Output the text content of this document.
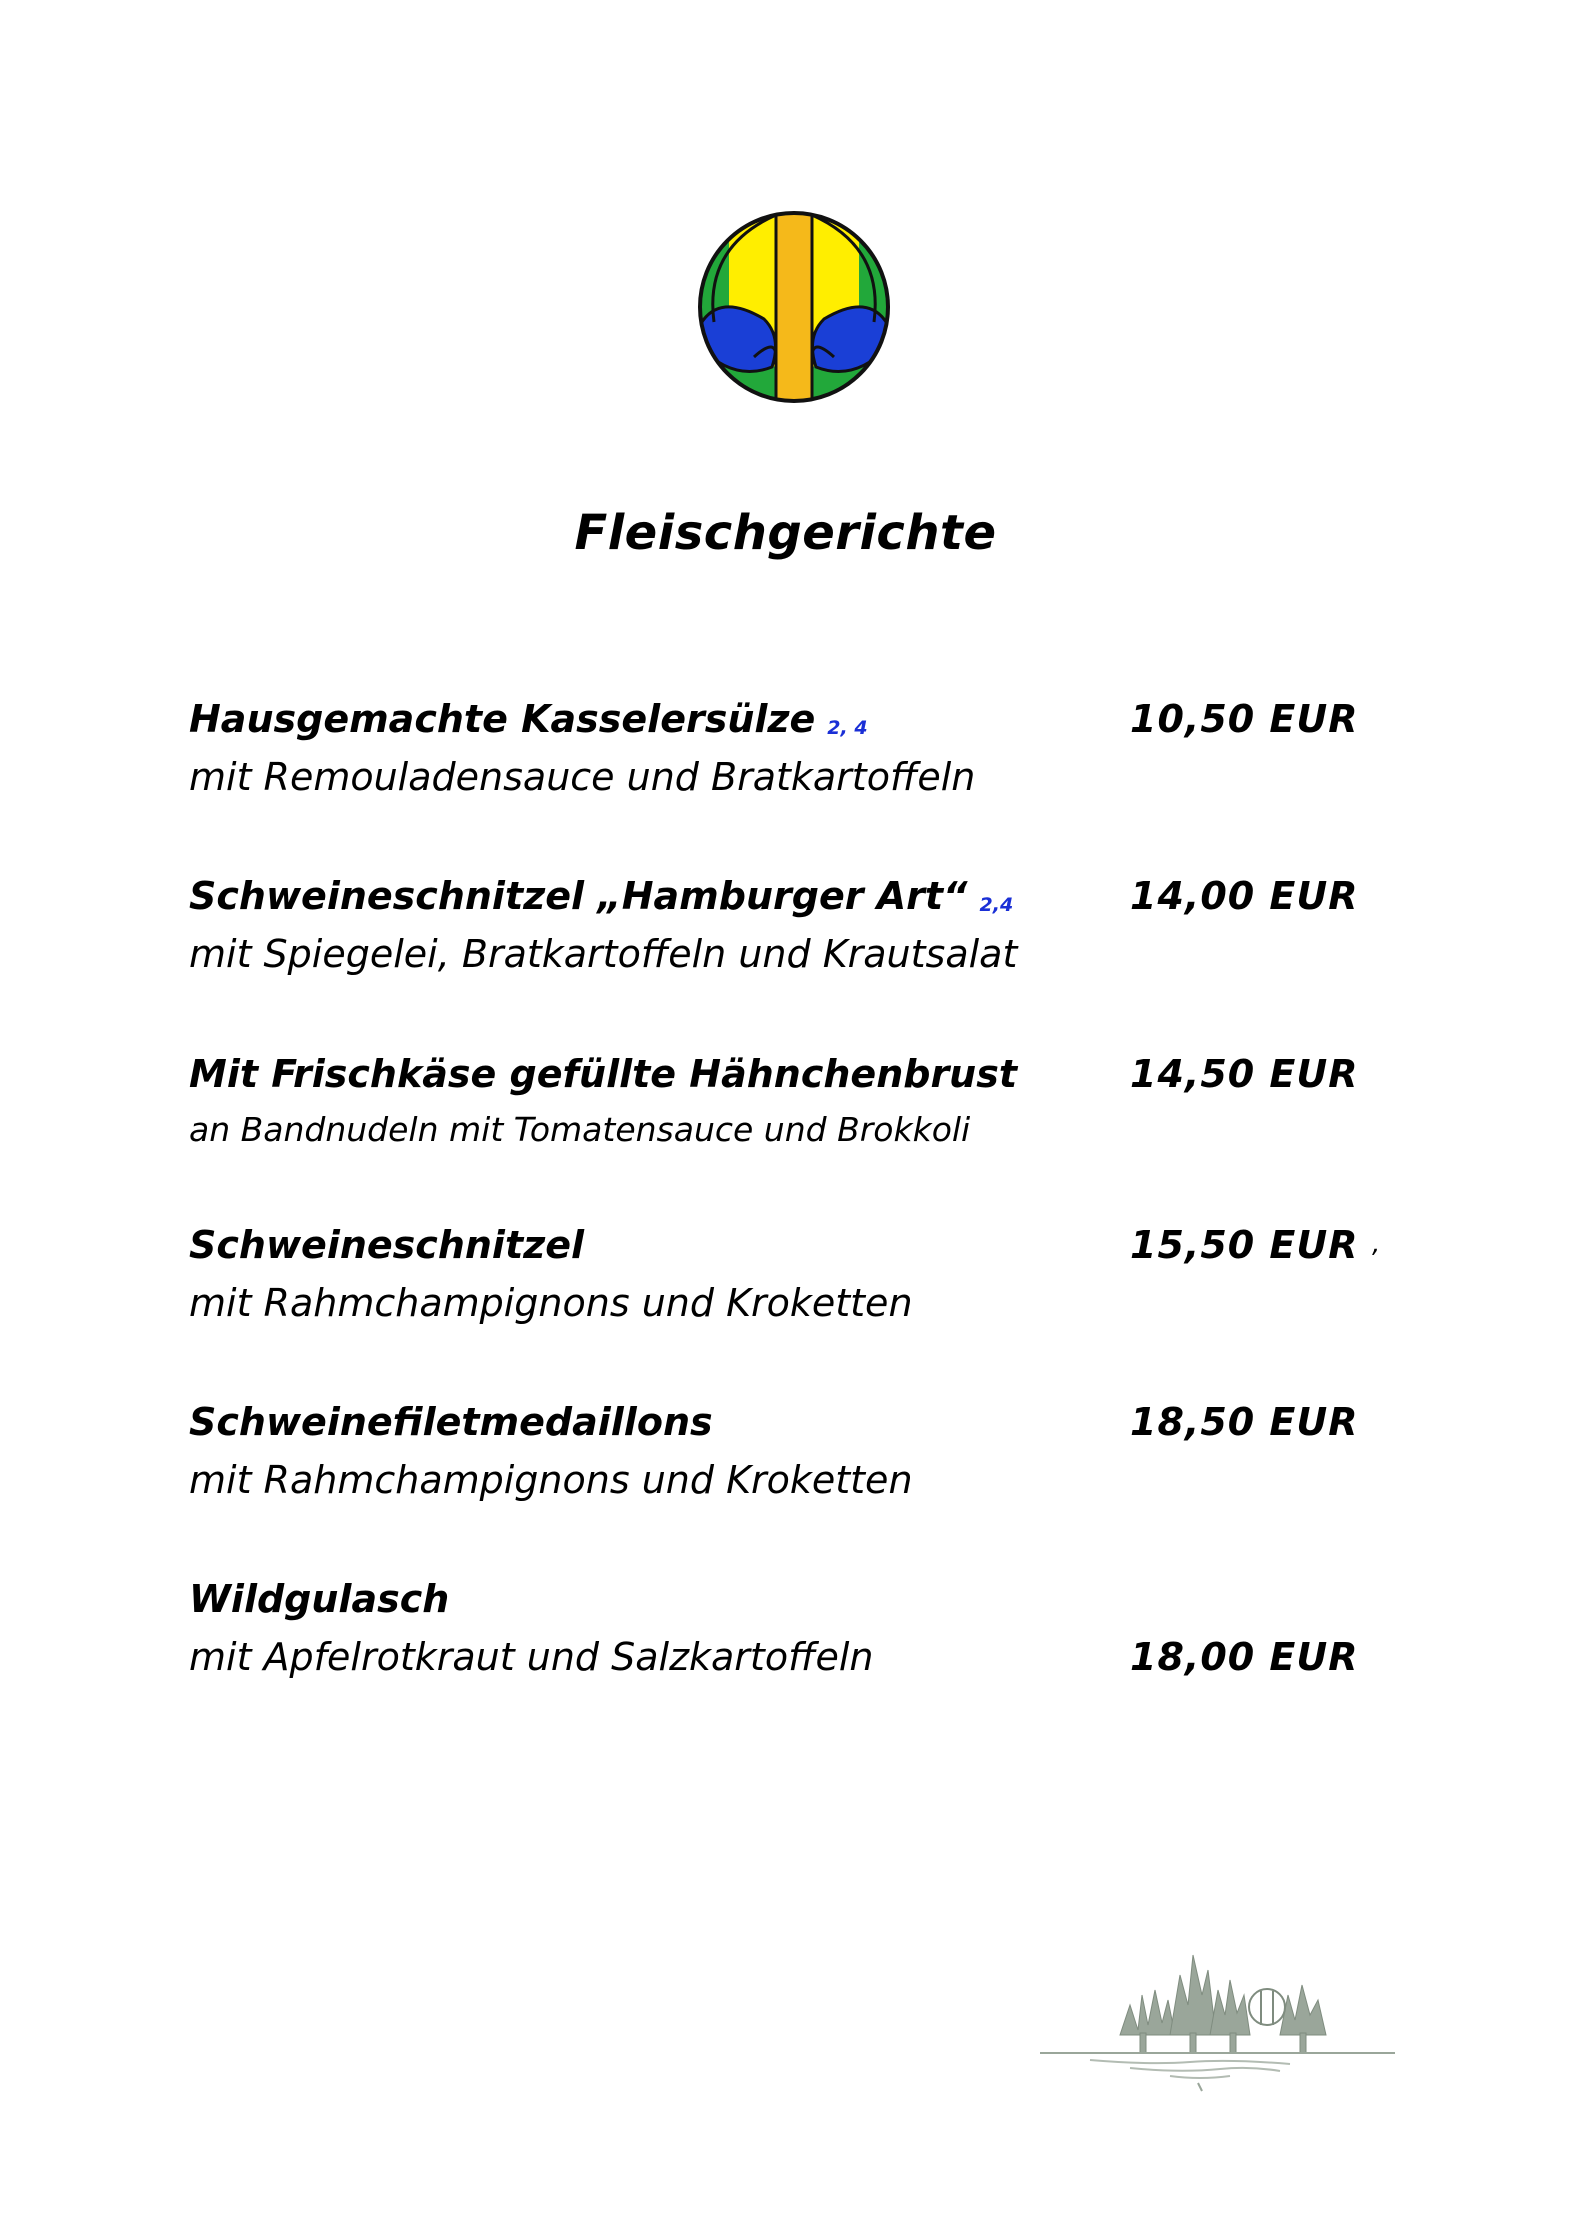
Fleischgerichte
Hausgemachte Kasselersülze 2, 4	10,50 EUR
mit Remouladensauce und Bratkartoffeln
Schweineschnitzel „Hamburger Art“ 2,4	14,00 EUR
mit Spiegelei, Bratkartoffeln und Krautsalat
Mit Frischkäse gefüllte Hähnchenbrust	14,50 EUR
an Bandnudeln mit Tomatensauce und Brokkoli
Schweineschnitzel	15,50 EUR ,
mit Rahmchampignons und Kroketten
Schweinefiletmedaillons	18,50 EUR
mit Rahmchampignons und Kroketten
Wildgulasch
mit Apfelrotkraut und Salzkartoffeln	18,00 EUR
